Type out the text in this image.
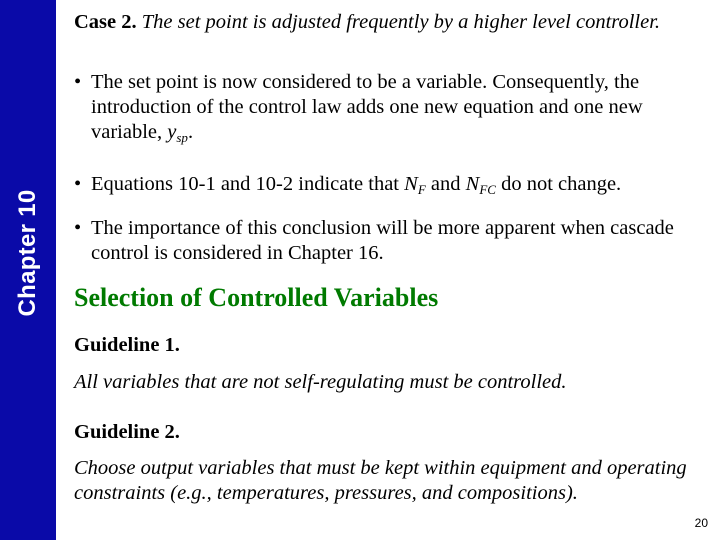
Chapter 10
Case 2. The set point is adjusted frequently by a higher level controller.
• The set point is now considered to be a variable. Consequently, the introduction of the control law adds one new equation and one new variable, $y_{sp}$.
• Equations 10-1 and 10-2 indicate that $N_F$ and $N_{FC}$ do not change.
• The importance of this conclusion will be more apparent when cascade control is considered in Chapter 16.
Selection of Controlled Variables
Guideline 1.
All variables that are not self-regulating must be controlled.
Guideline 2.
Choose output variables that must be kept within equipment and operating constraints (e.g., temperatures, pressures, and compositions).
20
